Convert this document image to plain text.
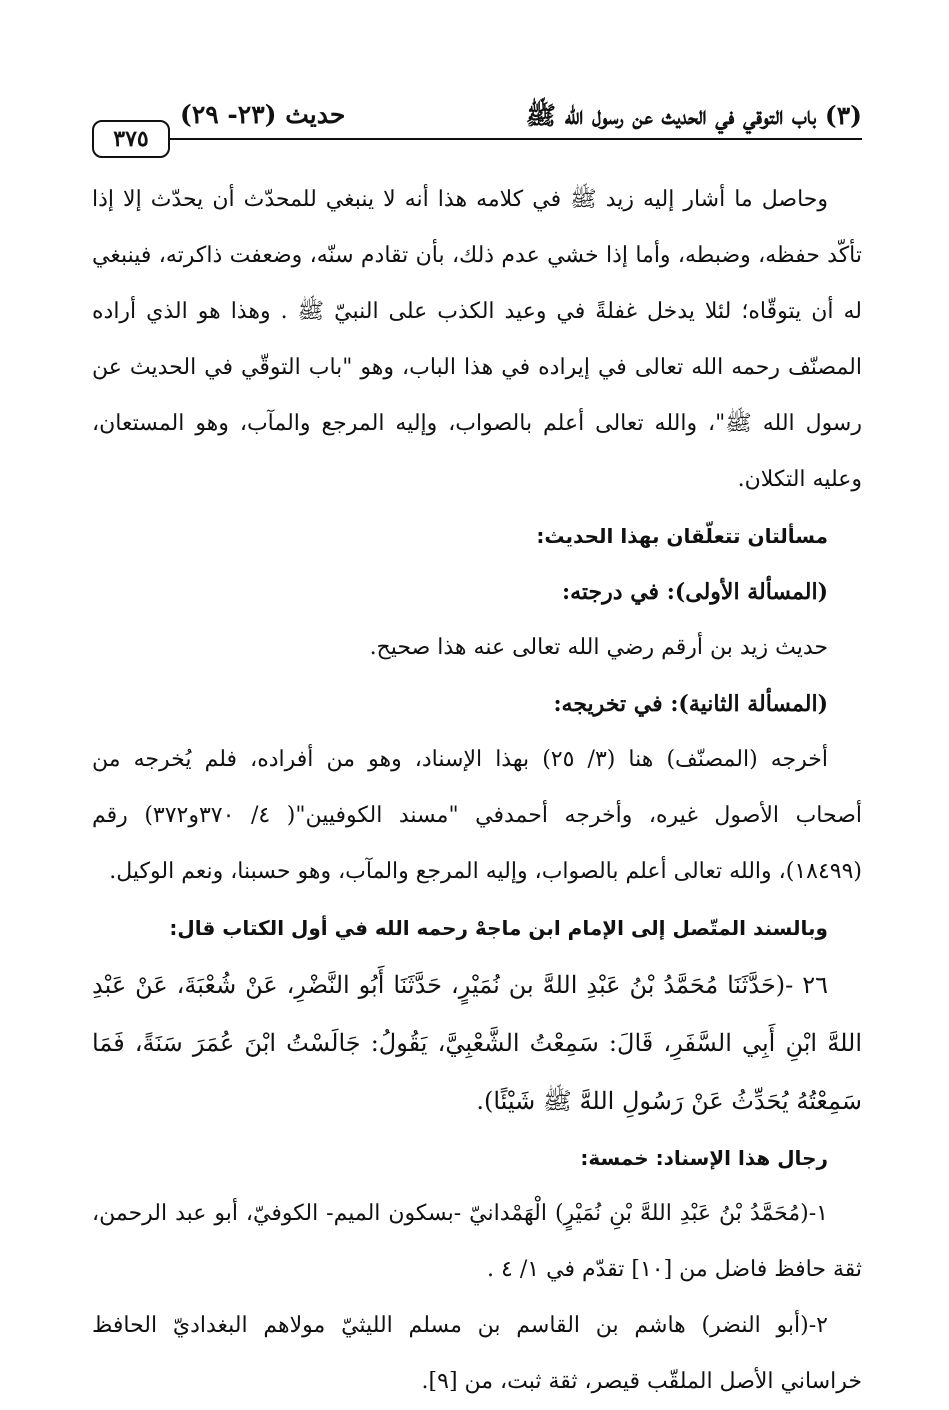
٣٧٥
حديث (٢٣- ٢٩)	(٣) باب التوقي في الحديث عن رسول الله ﷺ

وحاصل ما أشار إليه زيد ﷺ في كلامه هذا أنه لا ينبغي للمحدّث أن يحدّث إلا إذا تأكّد حفظه، وضبطه، وأما إذا خشي عدم ذلك، بأن تقادم سنّه، وضعفت ذاكرته، فينبغي له أن يتوقّاه؛ لئلا يدخل غفلةً في وعيد الكذب على النبيّ ﷺ . وهذا هو الذي أراده المصنّف رحمه الله تعالى في إيراده في هذا الباب، وهو "باب التوقّي في الحديث عن رسول الله ﷺ"، والله تعالى أعلم بالصواب، وإليه المرجع والمآب، وهو المستعان، وعليه التكلان.

مسألتان تتعلّقان بهذا الحديث:

(المسألة الأولى): في درجته:

حديث زيد بن أرقم رضي الله تعالى عنه هذا صحيح.

(المسألة الثانية): في تخريجه:

أخرجه (المصنّف) هنا (٣/ ٢٥) بهذا الإسناد، وهو من أفراده، فلم يُخرجه من أصحاب الأصول غيره، وأخرجه أحمدفي "مسند الكوفيين"( ٤/ ٣٧٠و٣٧٢) رقم (١٨٤٩٩)، والله تعالى أعلم بالصواب، وإليه المرجع والمآب، وهو حسبنا، ونعم الوكيل.

وبالسند المتّصل إلى الإمام ابن ماجهْ رحمه الله في أول الكتاب قال:

٢٦ -(حَدَّثَنَا مُحَمَّدُ بْنُ عَبْدِ اللهَّ بن نُمَيْرٍ، حَدَّثَنَا أَبُو النَّضْرِ، عَنْ شُعْبَةَ، عَنْ عَبْدِ اللهَّ ابْنِ أَبِي السَّفَرِ، قَالَ: سَمِعْتُ الشَّعْبِيَّ، يَقُولُ: جَالَسْتُ ابْنَ عُمَرَ سَنَةً، فَمَا سَمِعْتُهُ يُحَدِّثُ عَنْ رَسُولِ اللهَّ ﷺ شَيْئًا).

رجال هذا الإسناد: خمسة:

١-(مُحَمَّدُ بْنُ عَبْدِ اللهَّ بْنِ نُمَيْرٍ) الْهَمْدانيّ -بسكون الميم- الكوفيّ، أبو عبد الرحمن، ثقة حافظ فاضل من [١٠] تقدّم في ١/ ٤ .

٢-(أبو النضر) هاشم بن القاسم بن مسلم الليثيّ مولاهم البغداديّ الحافظ خراساني الأصل الملقّب قيصر، ثقة ثبت، من [٩].
